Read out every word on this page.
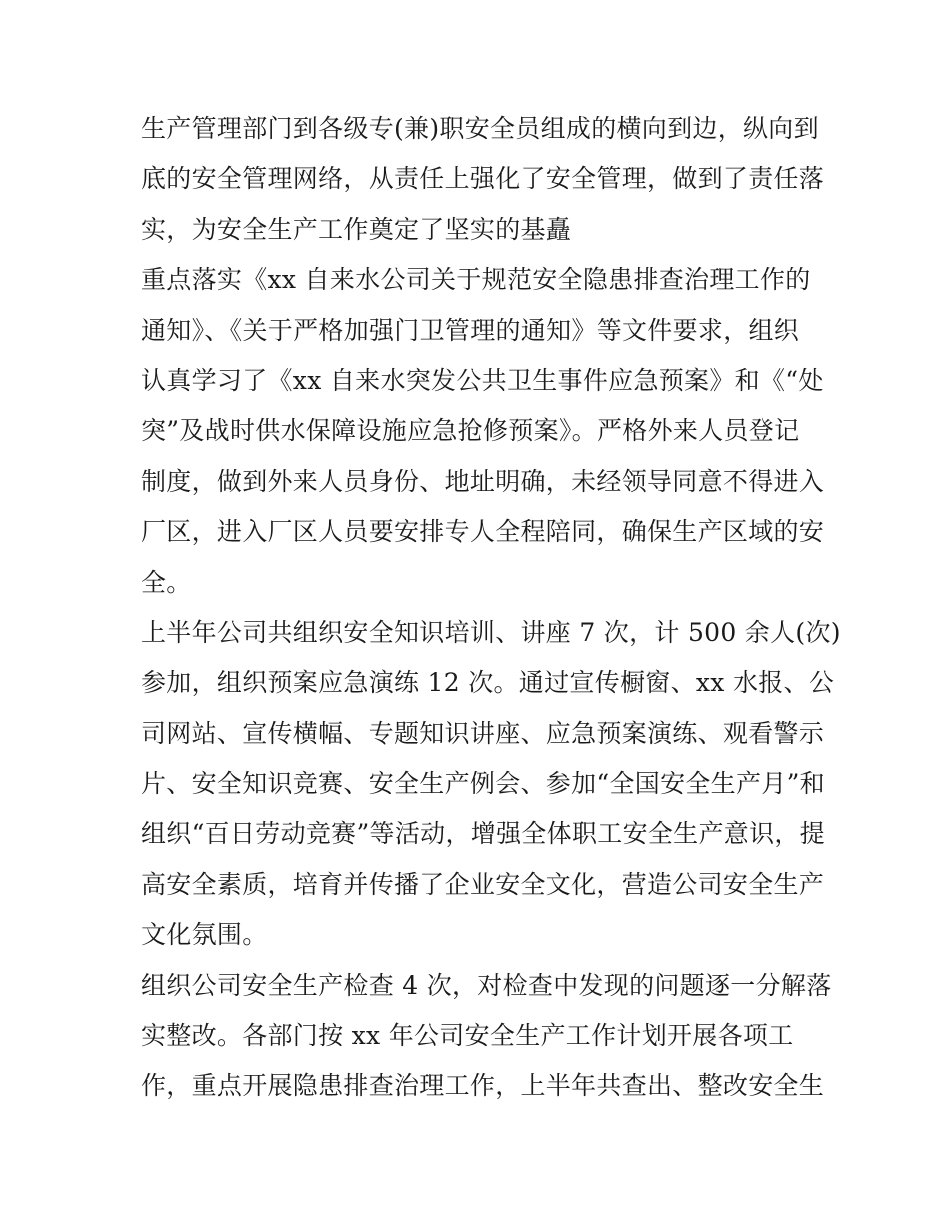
生产管理部门到各级专(兼)职安全员组成的横向到边，纵向到
底的安全管理网络，从责任上强化了安全管理，做到了责任落
实，为安全生产工作奠定了坚实的基矗
重点落实《xx 自来水公司关于规范安全隐患排查治理工作的
通知》、《关于严格加强门卫管理的通知》等文件要求，组织
认真学习了《xx 自来水突发公共卫生事件应急预案》和《“处
突”及战时供水保障设施应急抢修预案》。严格外来人员登记
制度，做到外来人员身份、地址明确，未经领导同意不得进入
厂区，进入厂区人员要安排专人全程陪同，确保生产区域的安
全。
上半年公司共组织安全知识培训、讲座 7 次，计 500 余人(次)
参加，组织预案应急演练 12 次。通过宣传橱窗、xx 水报、公
司网站、宣传横幅、专题知识讲座、应急预案演练、观看警示
片、安全知识竞赛、安全生产例会、参加“全国安全生产月”和
组织“百日劳动竞赛”等活动，增强全体职工安全生产意识，提
高安全素质，培育并传播了企业安全文化，营造公司安全生产
文化氛围。
组织公司安全生产检查 4 次，对检查中发现的问题逐一分解落
实整改。各部门按 xx 年公司安全生产工作计划开展各项工
作，重点开展隐患排查治理工作，上半年共查出、整改安全生
